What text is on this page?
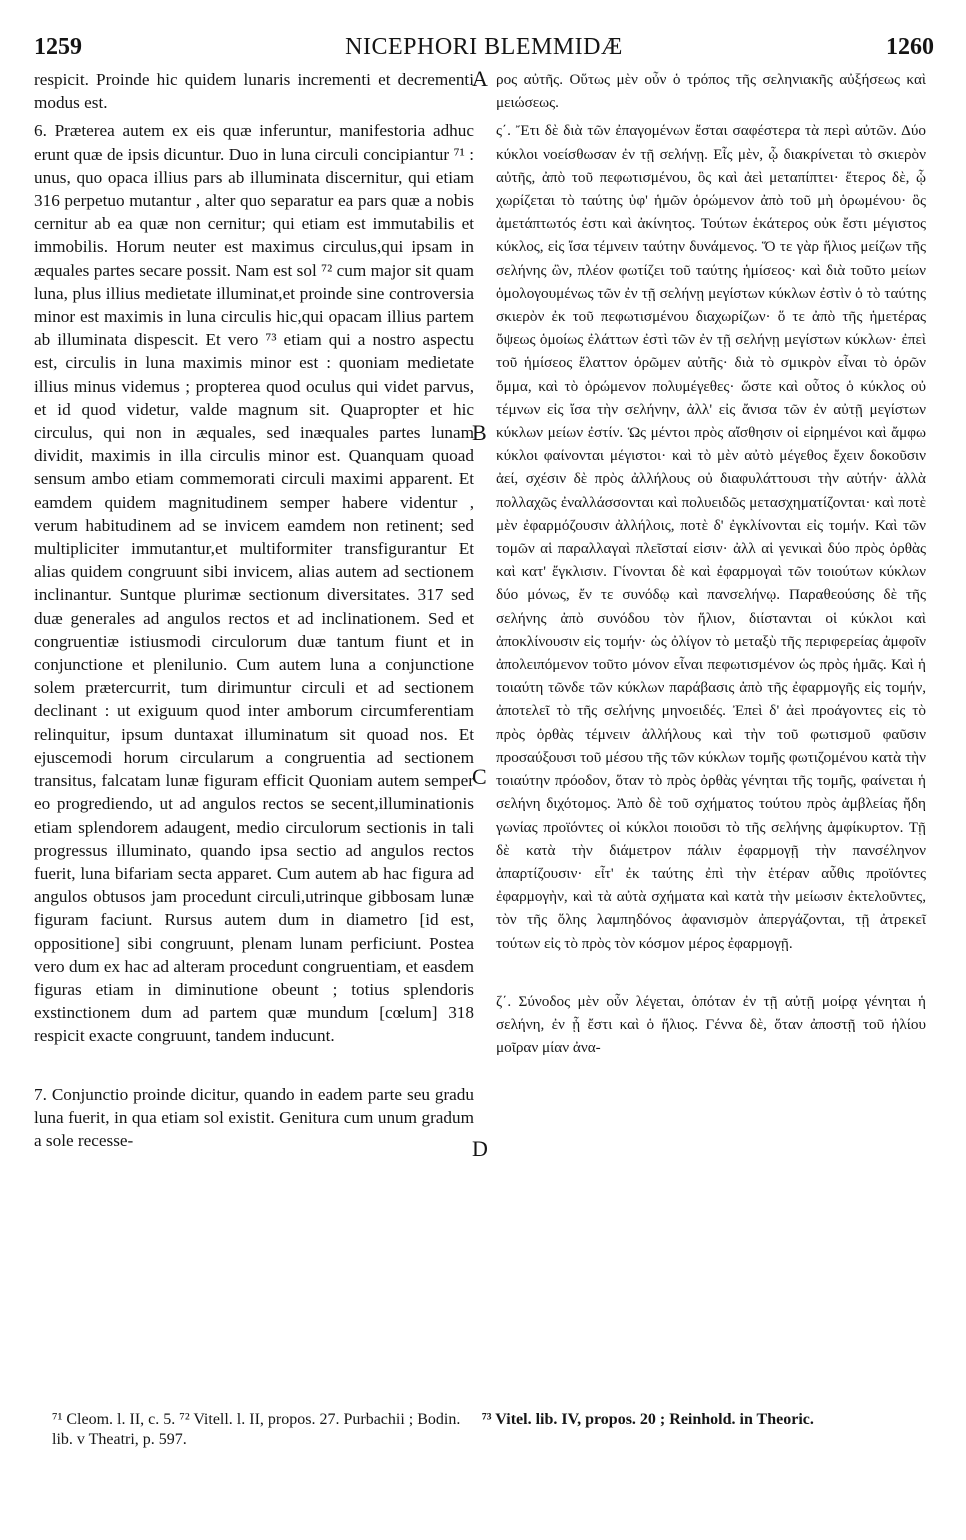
1259	NICEPHORI BLEMMIDÆ	1260

respicit. Proinde hic quidem lunaris incrementi et decrementi modus est.

6. Præterea autem ex eis quæ inferuntur, manifestoria adhuc erunt quæ de ipsis dicuntur. Duo in luna circuli concipiantur ⁷¹ : unus, quo opaca illius pars ab illuminata discernitur, qui etiam 316 perpetuo mutantur , alter quo separatur ea pars quæ a nobis cernitur ab ea quæ non cernitur; qui etiam est immutabilis et immobilis. Horum neuter est maximus circulus,qui ipsam in æquales partes secare possit. Nam est sol ⁷² cum major sit quam luna, plus illius medietate illuminat,et proinde sine controversia minor est maximis in luna circulis hic,qui opacam illius partem ab illuminata dispescit. Et vero ⁷³ etiam qui a nostro aspectu est, circulis in luna maximis minor est : quoniam medietate illius minus videmus ; propterea quod oculus qui videt parvus, et id quod videtur, valde magnum sit. Quapropter et hic circulus, qui non in æquales, sed inæquales partes lunam dividit, maximis in illa circulis minor est. Quanquam quoad sensum ambo etiam commemorati circuli maximi apparent. Et eamdem quidem magnitudinem semper habere videntur , verum habitudinem ad se invicem eamdem non retinent; sed multipliciter immutantur,et multiformiter transfigurantur Et alias quidem congruunt sibi invicem, alias autem ad sectionem inclinantur. Suntque plurimæ sectionum diversitates. 317 sed duæ generales ad angulos rectos et ad inclinationem. Sed et congruentiæ istiusmodi circulorum duæ tantum fiunt et in conjunctione et plenilunio. Cum autem luna a conjunctione solem prætercurrit, tum dirimuntur circuli et ad sectionem declinant : ut exiguum quod inter amborum circumferentiam relinquitur, ipsum duntaxat illuminatum sit quoad nos. Et ejuscemodi horum circularum a congruentia ad sectionem transitus, falcatam lunæ figuram efficit Quoniam autem semper eo progrediendo, ut ad angulos rectos se secent,illuminationis etiam splendorem adaugent, medio circulorum sectionis in tali progressus illuminato, quando ipsa sectio ad angulos rectos fuerit, luna bifariam secta apparet. Cum autem ab hac figura ad angulos obtusos jam procedunt circuli,utrinque gibbosam lunæ figuram faciunt. Rursus autem dum in diametro [id est, oppositione] sibi congruunt, plenam lunam perficiunt. Postea vero dum ex hac ad alteram procedunt congruentiam, et easdem figuras etiam in diminutione obeunt ; totius splendoris exstinctionem dum ad partem quæ mundum [cœlum] 318 respicit exacte congruunt, tandem inducunt.

7. Conjunctio proinde dicitur, quando in eadem parte seu gradu luna fuerit, in qua etiam sol existit. Genitura cum unum gradum a sole recesse-

ρος αὐτῆς. Οὕτως μὲν οὖν ὁ τρόπος τῆς σεληνιακῆς αὐξήσεως καὶ μειώσεως.

ς΄. Ἔτι δὲ διὰ τῶν ἐπαγομένων ἔσται σαφέστερα τὰ περὶ αὐτῶν. Δύο κύκλοι νοείσθωσαν ἐν τῇ σελήνῃ. Εἷς μὲν, ᾧ διακρίνεται τὸ σκιερὸν αὐτῆς, ἀπὸ τοῦ πεφωτισμένου, ὃς καὶ ἀεὶ μεταπίπτει· ἕτερος δὲ, ᾧ χωρίζεται τὸ ταύτης ὑφ' ἡμῶν ὁρώμενον ἀπὸ τοῦ μὴ ὁρωμένου· ὃς ἀμετάπτωτός ἐστι καὶ ἀκίνητος. Τούτων ἑκάτερος οὐκ ἔστι μέγιστος κύκλος, εἰς ἴσα τέμνειν ταύτην δυνάμενος. Ὅ τε γὰρ ἥλιος μείζων τῆς σελήνης ὢν, πλέον φωτίζει τοῦ ταύτης ἡμίσεος· καὶ διὰ τοῦτο μείων ὁμολογουμένως τῶν ἐν τῇ σελήνῃ μεγίστων κύκλων ἐστὶν ὁ τὸ ταύτης σκιερὸν ἐκ τοῦ πεφωτισμένου διαχωρίζων· ὅ τε ἀπὸ τῆς ἡμετέρας ὄψεως ὁμοίως ἐλάττων ἐστὶ τῶν ἐν τῇ σελήνῃ μεγίστων κύκλων· ἐπεὶ τοῦ ἡμίσεος ἔλαττον ὁρῶμεν αὐτῆς· διὰ τὸ σμικρὸν εἶναι τὸ ὁρῶν ὄμμα, καὶ τὸ ὁρώμενον πολυμέγεθες· ὥστε καὶ οὗτος ὁ κύκλος οὐ τέμνων εἰς ἴσα τὴν σελήνην, ἀλλ' εἰς ἄνισα τῶν ἐν αὐτῇ μεγίστων κύκλων μείων ἐστίν. Ὡς μέντοι πρὸς αἴσθησιν οἱ εἰρημένοι καὶ ἄμφω κύκλοι φαίνονται μέγιστοι· καὶ τὸ μὲν αὐτὸ μέγεθος ἔχειν δοκοῦσιν ἀεί, σχέσιν δὲ πρὸς ἀλλήλους οὐ διαφυλάττουσι τὴν αὐτήν· ἀλλὰ πολλαχῶς ἐναλλάσσονται καὶ πολυειδῶς μετασχηματίζονται· καὶ ποτὲ μὲν ἐφαρμόζουσιν ἀλλήλοις, ποτὲ δ' ἐγκλίνονται εἰς τομήν. Καὶ τῶν τομῶν αἱ παραλλαγαὶ πλεῖσταί εἰσιν· ἀλλ αἱ γενικαὶ δύο πρὸς ὀρθὰς καὶ κατ' ἔγκλισιν. Γίνονται δὲ καὶ ἐφαρμογαὶ τῶν τοιούτων κύκλων δύο μόνως, ἔν τε συνόδῳ καὶ πανσελήνῳ. Παραθεούσης δὲ τῆς σελήνης ἀπὸ συνόδου τὸν ἥλιον, διίστανται οἱ κύκλοι καὶ ἀποκλίνουσιν εἰς τομήν· ὡς ὀλίγον τὸ μεταξὺ τῆς περιφερείας ἀμφοῖν ἀπολειπόμενον τοῦτο μόνον εἶναι πεφωτισμένον ὡς πρὸς ἡμᾶς. Καὶ ἡ τοιαύτη τῶνδε τῶν κύκλων παράβασις ἀπὸ τῆς ἐφαρμογῆς εἰς τομήν, ἀποτελεῖ τὸ τῆς σελήνης μηνοειδές. Ἐπεὶ δ' ἀεὶ προάγοντες εἰς τὸ πρὸς ὀρθὰς τέμνειν ἀλλήλους καὶ τὴν τοῦ φωτισμοῦ φαῦσιν προσαύξουσι τοῦ μέσου τῆς τῶν κύκλων τομῆς φωτιζομένου κατὰ τὴν τοιαύτην πρόοδον, ὅταν τὸ πρὸς ὀρθὰς γένηται τῆς τομῆς, φαίνεται ἡ σελήνη διχότομος. Ἀπὸ δὲ τοῦ σχήματος τούτου πρὸς ἀμβλείας ἤδη γωνίας προϊόντες οἱ κύκλοι ποιοῦσι τὸ τῆς σελήνης ἀμφίκυρτον. Τῇ δὲ κατὰ τὴν διάμετρον πάλιν ἐφαρμογῇ τὴν πανσέληνον ἀπαρτίζουσιν· εἶτ' ἐκ ταύτης ἐπὶ τὴν ἑτέραν αὖθις προϊόντες ἐφαρμογὴν, καὶ τὰ αὐτὰ σχήματα καὶ κατὰ τὴν μείωσιν ἐκτελοῦντες, τὸν τῆς ὅλης λαμπηδόνος ἀφανισμὸν ἀπεργάζονται, τῇ ἀτρεκεῖ τούτων εἰς τὸ πρὸς τὸν κόσμον μέρος ἐφαρμογῇ.

ζ΄. Σύνοδος μὲν οὖν λέγεται, ὁπόταν ἐν τῇ αὐτῇ μοίρᾳ γένηται ἡ σελήνη, ἐν ᾗ ἔστι καὶ ὁ ἥλιος. Γέννα δὲ, ὅταν ἀποστῇ τοῦ ἡλίου μοῖραν μίαν ἀνα-

A
B
C
D
⁷¹ Cleom. l. II, c. 5. ⁷² Vitell. l. II, propos. 27. Purbachii ; Bodin. lib. v Theatri, p. 597.
⁷³ Vitel. lib. IV, propos. 20 ; Reinhold. in Theoric.
